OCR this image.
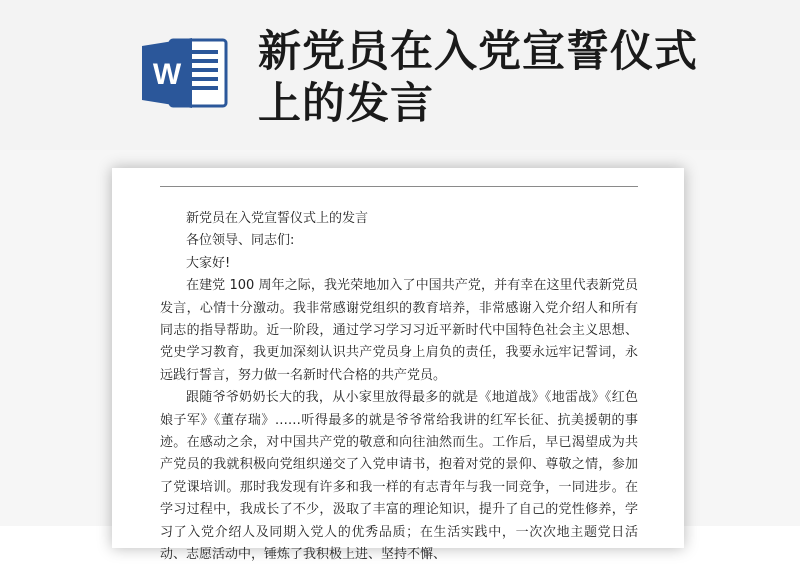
W 新党员在入党宣誓仪式上的发言

新党员在入党宣誓仪式上的发言

各位领导、同志们:

大家好!

在建党 100 周年之际，我光荣地加入了中国共产党，并有幸在这里代表新党员发言，心情十分激动。我非常感谢党组织的教育培养，非常感谢入党介绍人和所有同志的指导帮助。近一阶段，通过学习学习习近平新时代中国特色社会主义思想、党史学习教育，我更加深刻认识共产党员身上肩负的责任，我要永远牢记誓词，永远践行誓言，努力做一名新时代合格的共产党员。

跟随爷爷奶奶长大的我，从小家里放得最多的就是《地道战》《地雷战》《红色娘子军》《董存瑞》……听得最多的就是爷爷常给我讲的红军长征、抗美援朝的事迹。在感动之余，对中国共产党的敬意和向往油然而生。工作后，早已渴望成为共产党员的我就积极向党组织递交了入党申请书，抱着对党的景仰、尊敬之情，参加了党课培训。那时我发现有许多和我一样的有志青年与我一同竞争，一同进步。在学习过程中，我成长了不少，汲取了丰富的理论知识，提升了自己的党性修养，学习了入党介绍人及同期入党人的优秀品质；在生活实践中，一次次地主题党日活动、志愿活动中，锤炼了我积极上进、坚持不懈、
